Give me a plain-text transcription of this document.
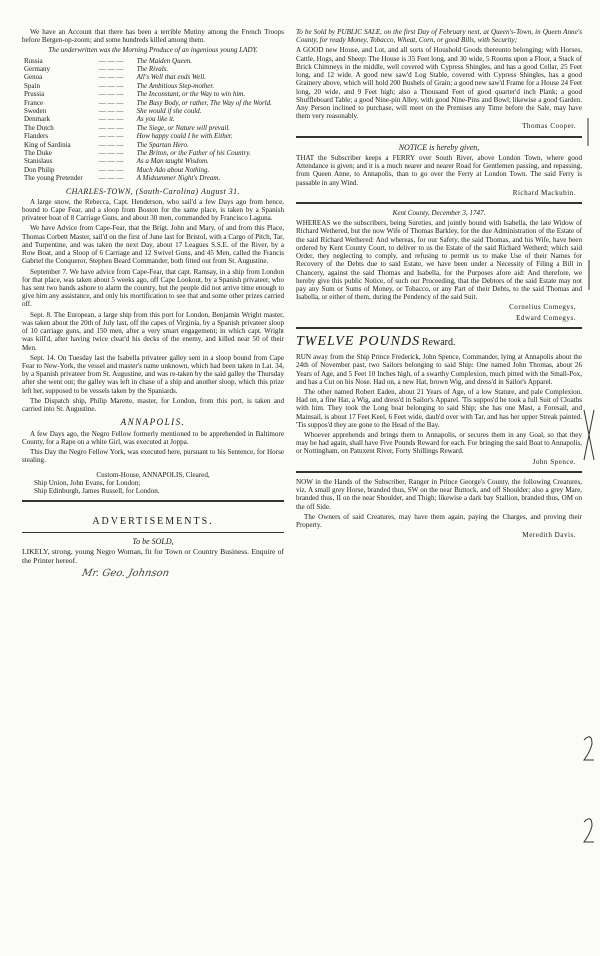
We have an Account that there has been a terrible Mutiny among the French Troops before Bergen-op-zoom; and some hundreds killed among them.

The underwritten was the Morning Produce of an ingenious young LADY.

Russia	— — —	The Maiden Queen.
Germany	— — —	The Rivals.
Genoa	— — —	All's Well that ends Well.
Spain	— — —	The Ambitious Step-mother.
Prussia	— — —	The Inconstant, or the Way to win him.
France	— — —	The Busy Body, or rather, The Way of the World.
Sweden	— — —	She would if she could.
Denmark	— — —	As you like it.
The Dutch	— — —	The Siege, or Nature will prevail.
Flanders	— — —	How happy could I be with Either.
King of Sardinia	— — —	The Spartan Hero.
The Duke	— — —	The Briton, or the Father of his Country.
Stanislaus	— — —	As a Man taught Wisdom.
Don Philip	— — —	Much Ado about Nothing.
The young Pretender	— — —	A Midsummer Night's Dream.

CHARLES-TOWN, (South-Carolina) August 31.

A large snow, the Rebecca, Capt. Henderson, who sail'd a few Days ago from hence, bound to Cape Fear, and a sloop from Boston for the same place, is taken by a Spanish privateer boat of 8 Carriage Guns, and about 30 men, commanded by Francisco Laguna.

We have Advice from Cape-Fear, that the Brigt. John and Mary, of and from this Place, Thomas Corbett Master, sail'd on the first of June last for Bristol, with a Cargo of Pitch, Tar, and Turpentine, and was taken the next Day, about 17 Leagues S.S.E. of the River, by a Row Boat, and a Sloop of 6 Carriage and 12 Swivel Guns, and 45 Men, called the Francis Gabriel the Conqueror, Stephen Beard Commander, both fitted out from St. Augustine.

September 7. We have advice from Cape-Fear, that capt. Ramsay, in a ship from London for that place, was taken about 5 weeks ago, off Cape Lookout, by a Spanish privateer, who has sent two hands ashore to alarm the country, but the people did not arrive time enough to give him any assistance, and only his mortification to see that and some other prizes carried off.

Sept. 8. The European, a large ship from this port for London, Benjamin Wright master, was taken about the 20th of July last, off the capes of Virginia, by a Spanish privateer sloop of 10 carriage guns, and 150 men, after a very smart engagement; in which capt. Wright was kill'd, after having twice clear'd his decks of the enemy, and killed near 50 of their Men.

Sept. 14. On Tuesday last the Isabella privateer galley sent in a sloop bound from Cape Fear to New-York, the vessel and master's name unknown, which had been taken in Lat. 34, by a Spanish privateer from St. Augustine, and was re-taken by the said galley the Thursday after she went out; the galley was left in chase of a ship and another sloop, which this prize left her, supposed to be vessels taken by the Spaniards.

The Dispatch ship, Philip Marette, master, for London, from this port, is taken and carried into St. Augustine.

ANNAPOLIS.

A few Days ago, the Negro Fellow formerly mentioned to be apprehended in Baltimore County, for a Rape on a white Girl, was executed at Joppa.

This Day the Negro Fellow York, was executed here, pursuant to his Sentence, for Horse stealing.

Custom-House, ANNAPOLIS, Cleared,

Ship Union, John Evans, for London;

Ship Edinburgh, James Russell, for London.

ADVERTISEMENTS.

To be SOLD,

LIKELY, strong, young Negro Woman, fit for Town or Country Business. Enquire of the Printer hereof.

Mr. Geo. Johnson

To be Sold by PUBLIC SALE, on the first Day of February next, at Queen's-Town, in Queen Anne's County, for ready Money, Tobacco, Wheat, Corn, or good Bills, with Security;

A GOOD new House, and Lot, and all sorts of Houshold Goods thereunto belonging; with Horses, Cattle, Hogs, and Sheep: The House is 35 Feet long, and 30 wide, 5 Rooms upon a Floor, a Stack of Brick Chimneys in the middle, well covered with Cypress Shingles, and has a good Cellar, 25 Feet long, and 12 wide. A good new saw'd Log Stable, covered with Cypress Shingles, has a good Grainery above, which will hold 200 Bushels of Grain; a good new saw'd Frame for a House 24 Feet long, 20 wide, and 9 Feet high; also a Thousand Feet of good quarter'd inch Plank; a good Shuffleboard Table; a good Nine-pin Alley, with good Nine-Pins and Bowl; likewise a good Garden. Any Person inclined to purchase, will meet on the Premises any Time before the Sale, may have them very reasonably.

Thomas Cooper.

NOTICE is hereby given,

THAT the Subscriber keeps a FERRY over South River, above London Town, where good Attendance is given; and it is a much nearer and nearer Road for Gentlemen passing, and repassing, from Queen Anne, to Annapolis, than to go over the Ferry at London Town. The said Ferry is passable in any Wind.

Richard Mackubin.

Kent County, December 3, 1747.

WHEREAS we the subscribers, being Sureties, and jointly bound with Isabella, the late Widow of Richard Wethered, but the now Wife of Thomas Barkley, for the due Administration of the Estate of the said Richard Wethered: And whereas, for our Safety, the said Thomas, and his Wife, have been ordered by Kent County Court, to deliver to us the Estate of the said Richard Wetherd; which said Order, they neglecting to comply, and refusing to permit us to make Use of their Names for Recovery of the Debts due to said Estate, we have been under a Necessity of Filing a Bill in Chancery, against the said Thomas and Isabella, for the Purposes afore aid: And therefore, we hereby give this public Notice, of such our Proceeding, that the Debtors of the said Estate may not pay any Sum or Sums of Money, or Tobacco, or any Part of their Debts, to the said Thomas and Isabella, or either of them, during the Pendency of the said Suit.

Cornelius Comegys,

Edward Comegys.

TWELVE POUNDS Reward.

RUN away from the Ship Prince Frederick, John Spence, Commander, lying at Annapolis about the 24th of November past, two Sailors belonging to said Ship: One named John Thomas, about 26 Years of Age, and 5 Feet 10 Inches high, of a swarthy Complexion, much pitted with the Small-Pox, and has a Cut on his Nose. Had on, a new Hat, brown Wig, and dress'd in Sailor's Apparel.

The other named Robert Eaden, about 21 Years of Age, of a low Stature, and pale Complexion. Had on, a fine Hat, a Wig, and dress'd in Sailor's Apparel. 'Tis suppos'd he took a full Suit of Cloaths with him. They took the Long boat belonging to said Ship; she has one Mast, a Foresail, and Mainsail, is about 17 Feet Keel, 6 Feet wide, daub'd over with Tar, and has her upper Streak painted. 'Tis suppos'd they are gone to the Head of the Bay.

Whoever apprehends and brings them to Annapolis, or secures them in any Goal, so that they may be had again, shall have Five Pounds Reward for each. For bringing the said Boat to Annapolis, or Nottingham, on Patuxent River, Forty Shillings Reward.

John Spence.

NOW in the Hands of the Subscriber, Ranger in Prince George's County, the following Creatures, viz. A small grey Horse, branded thus, SW on the near Buttock, and off Shoulder; also a grey Mare, branded thus, II on the near Shoulder, and Thigh; likewise a dark bay Stallion, branded thus, OM on the off Side.

The Owners of said Creatures, may have them again, paying the Charges, and proving their Property.

Meredith Davis.
